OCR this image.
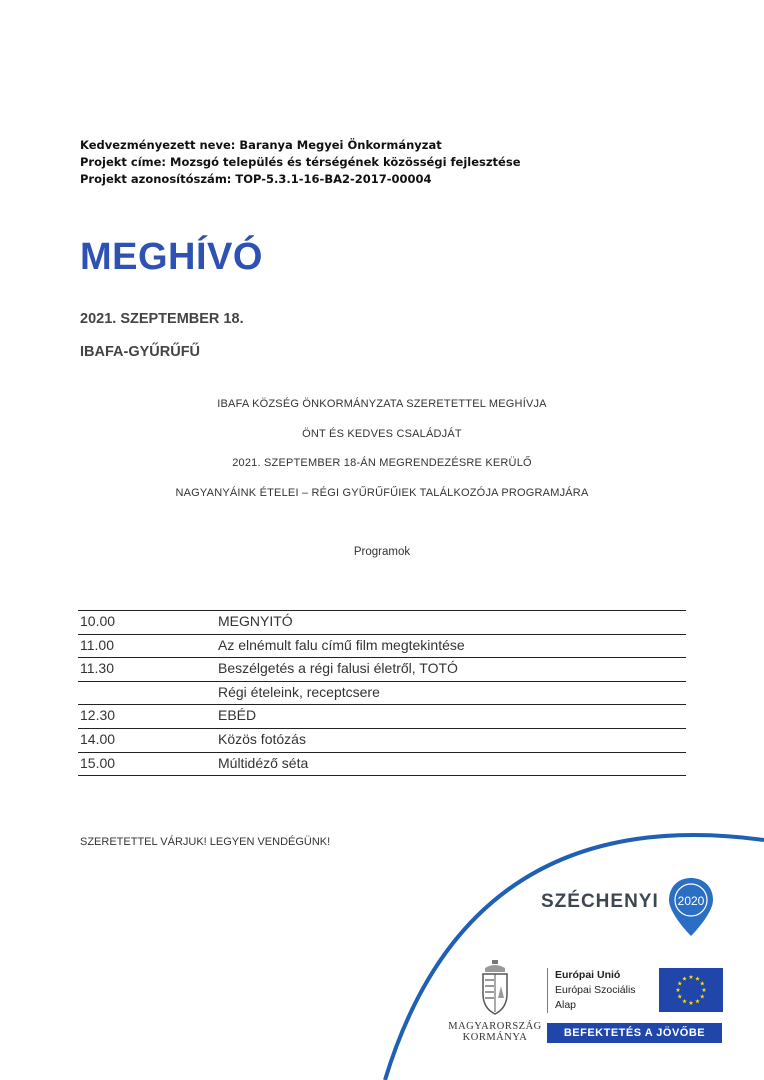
Kedvezményezett neve: Baranya Megyei Önkormányzat
Projekt címe: Mozsgó település és térségének közösségi fejlesztése
Projekt azonosítószám: TOP-5.3.1-16-BA2-2017-00004
MEGHÍVÓ
2021. SZEPTEMBER 18.
IBAFA-GYŰRŰFŰ
IBAFA KÖZSÉG ÖNKORMÁNYZATA SZERETETTEL MEGHÍVJA
ÖNT ÉS KEDVES CSALÁDJÁT
2021. SZEPTEMBER 18-ÁN MEGRENDEZÉSRE KERÜLŐ
NAGYANYÁINK ÉTELEI – RÉGI GYŰRŰFŰIEK TALÁLKOZÓJA PROGRAMJÁRA
Programok
10.00	MEGNYITÓ
11.00	Az elnémult falu című film megtekintése
11.30	Beszélgetés a régi falusi életről, TOTÓ
	Régi ételeink, receptcsere
12.30	EBÉD
14.00	Közös fotózás
15.00	Múltidéző séta
SZERETETTEL VÁRJUK! LEGYEN VENDÉGÜNK!
SZÉCHENYI 2020
MAGYARORSZÁG
KORMÁNYA
Európai Unió
Európai Szociális
Alap
BEFEKTETÉS A JÖVŐBE
